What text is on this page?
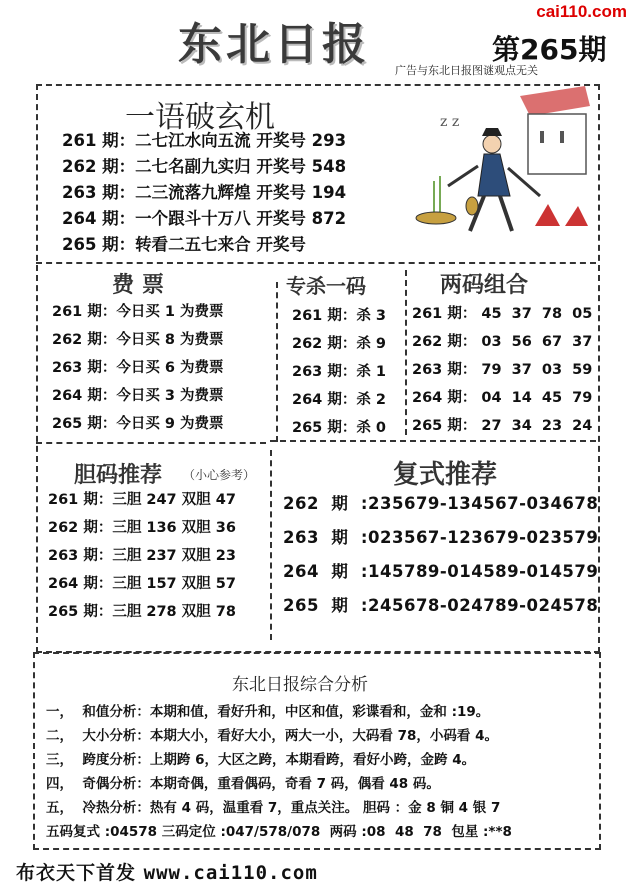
cai110.com
东北日报	第265期
广告与东北日报图谜观点无关
一语破玄机
261 期：二七江水向五流 开奖号 293
262 期：二七名副九实归 开奖号 548
263 期：二三流落九辉煌 开奖号 194
264 期：一个跟斗十万八 开奖号 872
265 期：转看二五七来合 开奖号
z z
费票
261 期：今日买 1 为费票
262 期：今日买 8 为费票
263 期：今日买 6 为费票
264 期：今日买 3 为费票
265 期：今日买 9 为费票
专杀一码
261 期：杀 3
262 期：杀 9
263 期：杀 1
264 期：杀 2
265 期：杀 0
两码组合
261 期： 45  37  78  05
262 期： 03  56  67  37
263 期： 79  37  03  59
264 期： 04  14  45  79
265 期： 27  34  23  24
胆码推荐 （小心参考）
261 期：三胆 247 双胆 47
262 期：三胆 136 双胆 36
263 期：三胆 237 双胆 23
264 期：三胆 157 双胆 57
265 期：三胆 278 双胆 78
复式推荐
262  期  :235679-134567-034678
263  期  :023567-123679-023579
264  期  :145789-014589-014579
265  期  :245678-024789-024578
东北日报综合分析
一，  和值分析：本期和值，看好升和，中区和值，彩谍看和，金和 :19。
二，  大小分析：本期大小，看好大小，两大一小，大码看 78，小码看 4。
三，  跨度分析：上期跨 6，大区之跨，本期看跨，看好小跨，金跨 4。
四，  奇偶分析：本期奇偶，重看偶码，奇看 7 码，偶看 48 码。
五，  冷热分析：热有 4 码，温重看 7，重点关注。 胆码 ：金 8 铜 4 银 7
五码复式 :04578 三码定位 :047/578/078  两码 :08  48  78  包星 :**8
布衣天下首发 www.cai110.com
